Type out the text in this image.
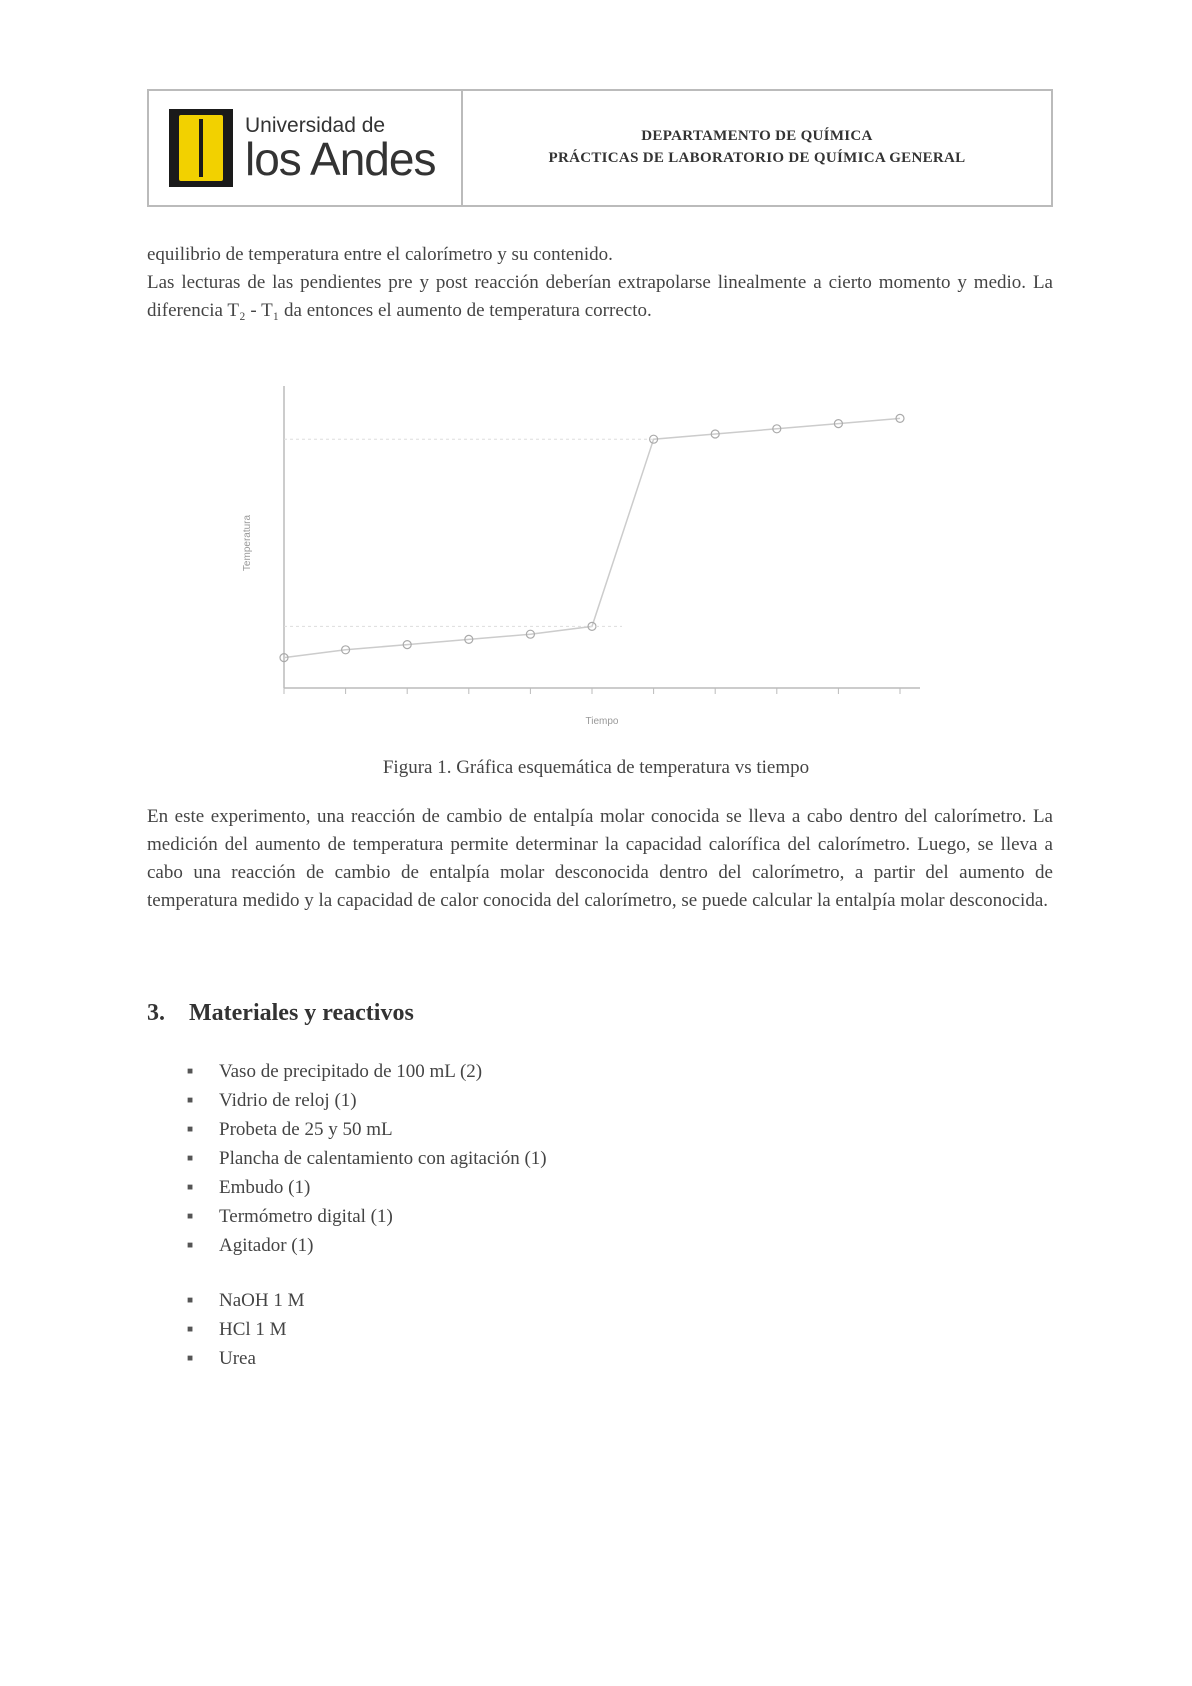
Universidad de
los Andes	DEPARTAMENTO DE QUÍMICA
PRÁCTICAS DE LABORATORIO DE QUÍMICA GENERAL

equilibrio de temperatura entre el calorímetro y su contenido.

Las lecturas de las pendientes pre y post reacción deberían extrapolarse linealmente a cierto momento y medio. La diferencia T₂ - T₁ da entonces el aumento de temperatura correcto.

Temperatura
Tiempo
Figura 1. Gráfica esquemática de temperatura vs tiempo

En este experimento, una reacción de cambio de entalpía molar conocida se lleva a cabo dentro del calorímetro. La medición del aumento de temperatura permite determinar la capacidad calorífica del calorímetro. Luego, se lleva a cabo una reacción de cambio de entalpía molar desconocida dentro del calorímetro, a partir del aumento de temperatura medido y la capacidad de calor conocida del calorímetro, se puede calcular la entalpía molar desconocida.

3. Materiales y reactivos
■ Vaso de precipitado de 100 mL (2)
■ Vidrio de reloj (1)
■ Probeta de 25 y 50 mL
■ Plancha de calentamiento con agitación (1)
■ Embudo (1)
■ Termómetro digital (1)
■ Agitador (1)
■ NaOH 1 M
■ HCl 1 M
■ Urea
